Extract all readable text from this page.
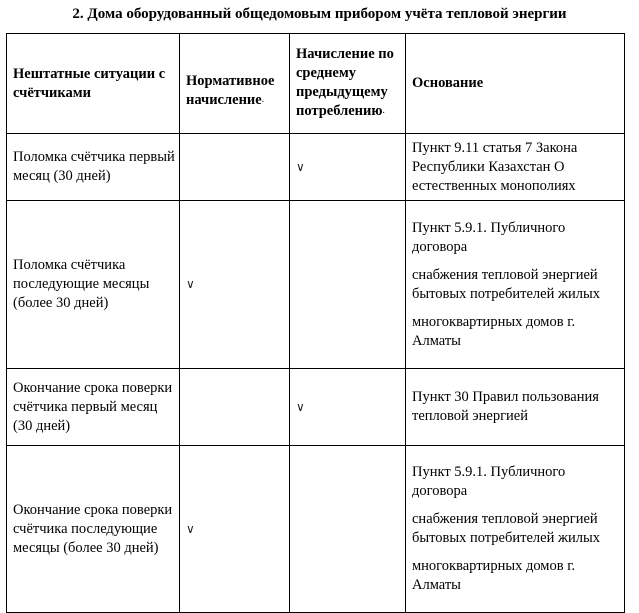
2. Дома оборудованный общедомовым прибором учёта тепловой энергии
Нештатные ситуации с счётчиками	Нормативное начисление·	Начисление по среднему предыдущему потреблению·	Основание
Поломка счётчика первый месяц (30 дней)		∨	Пункт 9.11 статья 7 Закона Республики Казахстан О естественных монополиях

Поломка счётчика последующие месяцы (более 30 дней)	∨		Пункт 5.9.1. Публичного договора

снабжения тепловой энергией бытовых потребителей жилых

многоквартирных домов г. Алматы

Окончание срока поверки счётчика первый месяц (30 дней)		∨	Пункт 30 Правил пользования тепловой энергией

Окончание срока поверки счётчика последующие месяцы (более 30 дней)	∨		Пункт 5.9.1. Публичного договора

снабжения тепловой энергией бытовых потребителей жилых

многоквартирных домов г. Алматы
